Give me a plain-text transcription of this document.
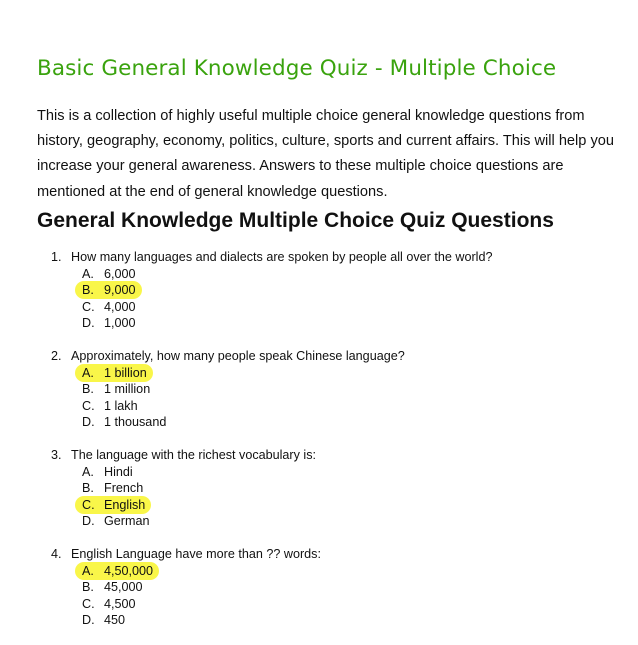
Basic General Knowledge Quiz - Multiple Choice
This is a collection of highly useful multiple choice general knowledge questions from history, geography, economy, politics, culture, sports and current affairs. This will help you increase your general awareness. Answers to these multiple choice questions are mentioned at the end of general knowledge questions.
General Knowledge Multiple Choice Quiz Questions
1. How many languages and dialects are spoken by people all over the world?
A. 6,000
B. 9,000
C. 4,000
D. 1,000
2. Approximately, how many people speak Chinese language?
A. 1 billion
B. 1 million
C. 1 lakh
D. 1 thousand
3. The language with the richest vocabulary is:
A. Hindi
B. French
C. English
D. German
4. English Language have more than ?? words:
A. 4,50,000
B. 45,000
C. 4,500
D. 450
